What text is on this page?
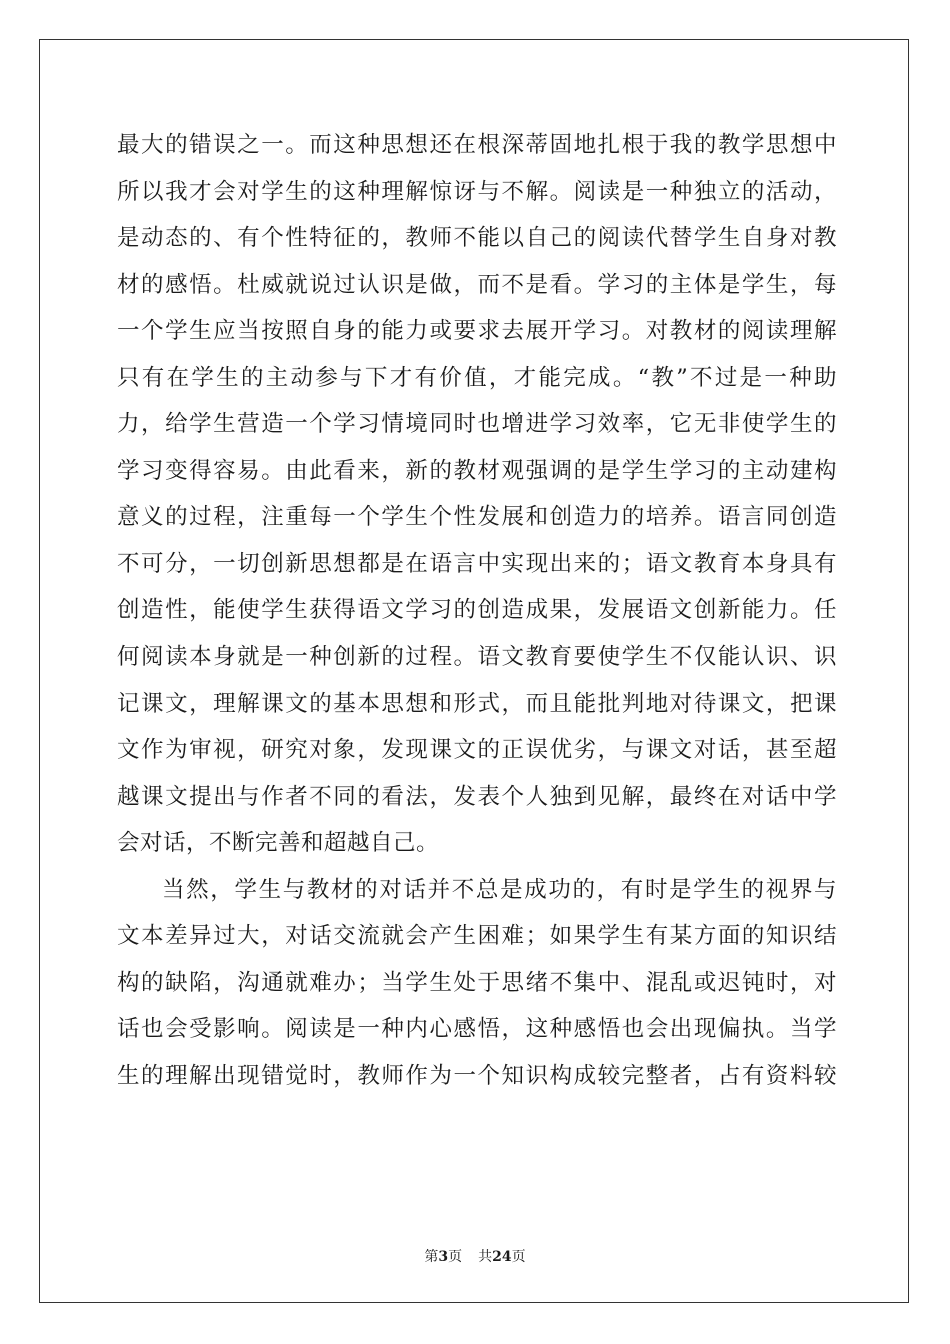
最大的错误之一。而这种思想还在根深蒂固地扎根于我的教学思想中
所以我才会对学生的这种理解惊讶与不解。阅读是一种独立的活动，
是动态的、有个性特征的，教师不能以自己的阅读代替学生自身对教
材的感悟。杜威就说过认识是做，而不是看。学习的主体是学生，每
一个学生应当按照自身的能力或要求去展开学习。对教材的阅读理解
只有在学生的主动参与下才有价值，才能完成。“教”不过是一种助
力，给学生营造一个学习情境同时也增进学习效率，它无非使学生的
学习变得容易。由此看来，新的教材观强调的是学生学习的主动建构
意义的过程，注重每一个学生个性发展和创造力的培养。语言同创造
不可分，一切创新思想都是在语言中实现出来的；语文教育本身具有
创造性，能使学生获得语文学习的创造成果，发展语文创新能力。任
何阅读本身就是一种创新的过程。语文教育要使学生不仅能认识、识
记课文，理解课文的基本思想和形式，而且能批判地对待课文，把课
文作为审视，研究对象，发现课文的正误优劣，与课文对话，甚至超
越课文提出与作者不同的看法，发表个人独到见解，最终在对话中学
会对话，不断完善和超越自己。
当然，学生与教材的对话并不总是成功的，有时是学生的视界与
文本差异过大，对话交流就会产生困难；如果学生有某方面的知识结
构的缺陷，沟通就难办；当学生处于思绪不集中、混乱或迟钝时，对
话也会受影响。阅读是一种内心感悟，这种感悟也会出现偏执。当学
生的理解出现错觉时，教师作为一个知识构成较完整者，占有资料较
第3页 共24页
